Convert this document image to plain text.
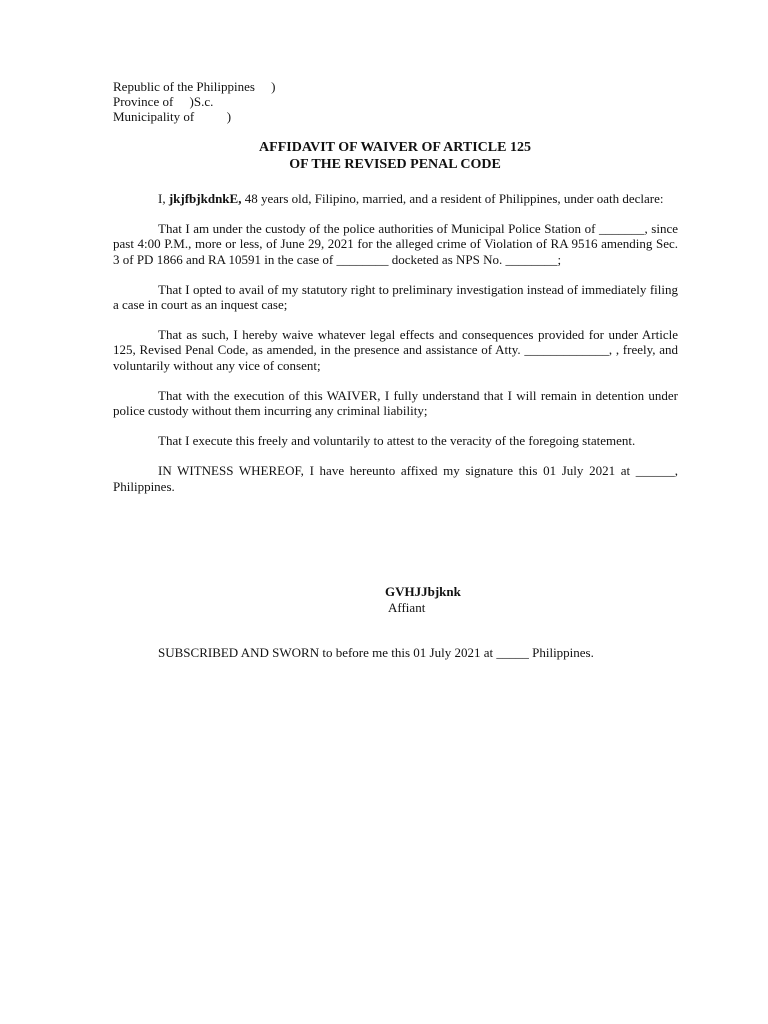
Republic of the Philippines     )
Province of     )S.c.
Municipality of          )
AFFIDAVIT OF WAIVER OF ARTICLE 125
OF THE REVISED PENAL CODE

I, jkjfbjkdnkE, 48 years old, Filipino, married, and a resident of Philippines, under oath declare:

That I am under the custody of the police authorities of Municipal Police Station of _______, since past 4:00 P.M., more or less, of June 29, 2021 for the alleged crime of Violation of RA 9516 amending Sec. 3 of PD 1866 and RA 10591 in the case of ________ docketed as NPS No. ________;

That I opted to avail of my statutory right to preliminary investigation instead of immediately filing a case in court as an inquest case;

That as such, I hereby waive whatever legal effects and consequences provided for under Article 125, Revised Penal Code, as amended, in the presence and assistance of Atty. _____________, , freely, and voluntarily without any vice of consent;

That with the execution of this WAIVER, I fully understand that I will remain in detention under police custody without them incurring any criminal liability;

That I execute this freely and voluntarily to attest to the veracity of the foregoing statement.

IN WITNESS WHEREOF, I have hereunto affixed my signature this 01 July 2021 at ______, Philippines.

GVHJJbjknk
Affiant
SUBSCRIBED AND SWORN to before me this 01 July 2021 at _____ Philippines.
